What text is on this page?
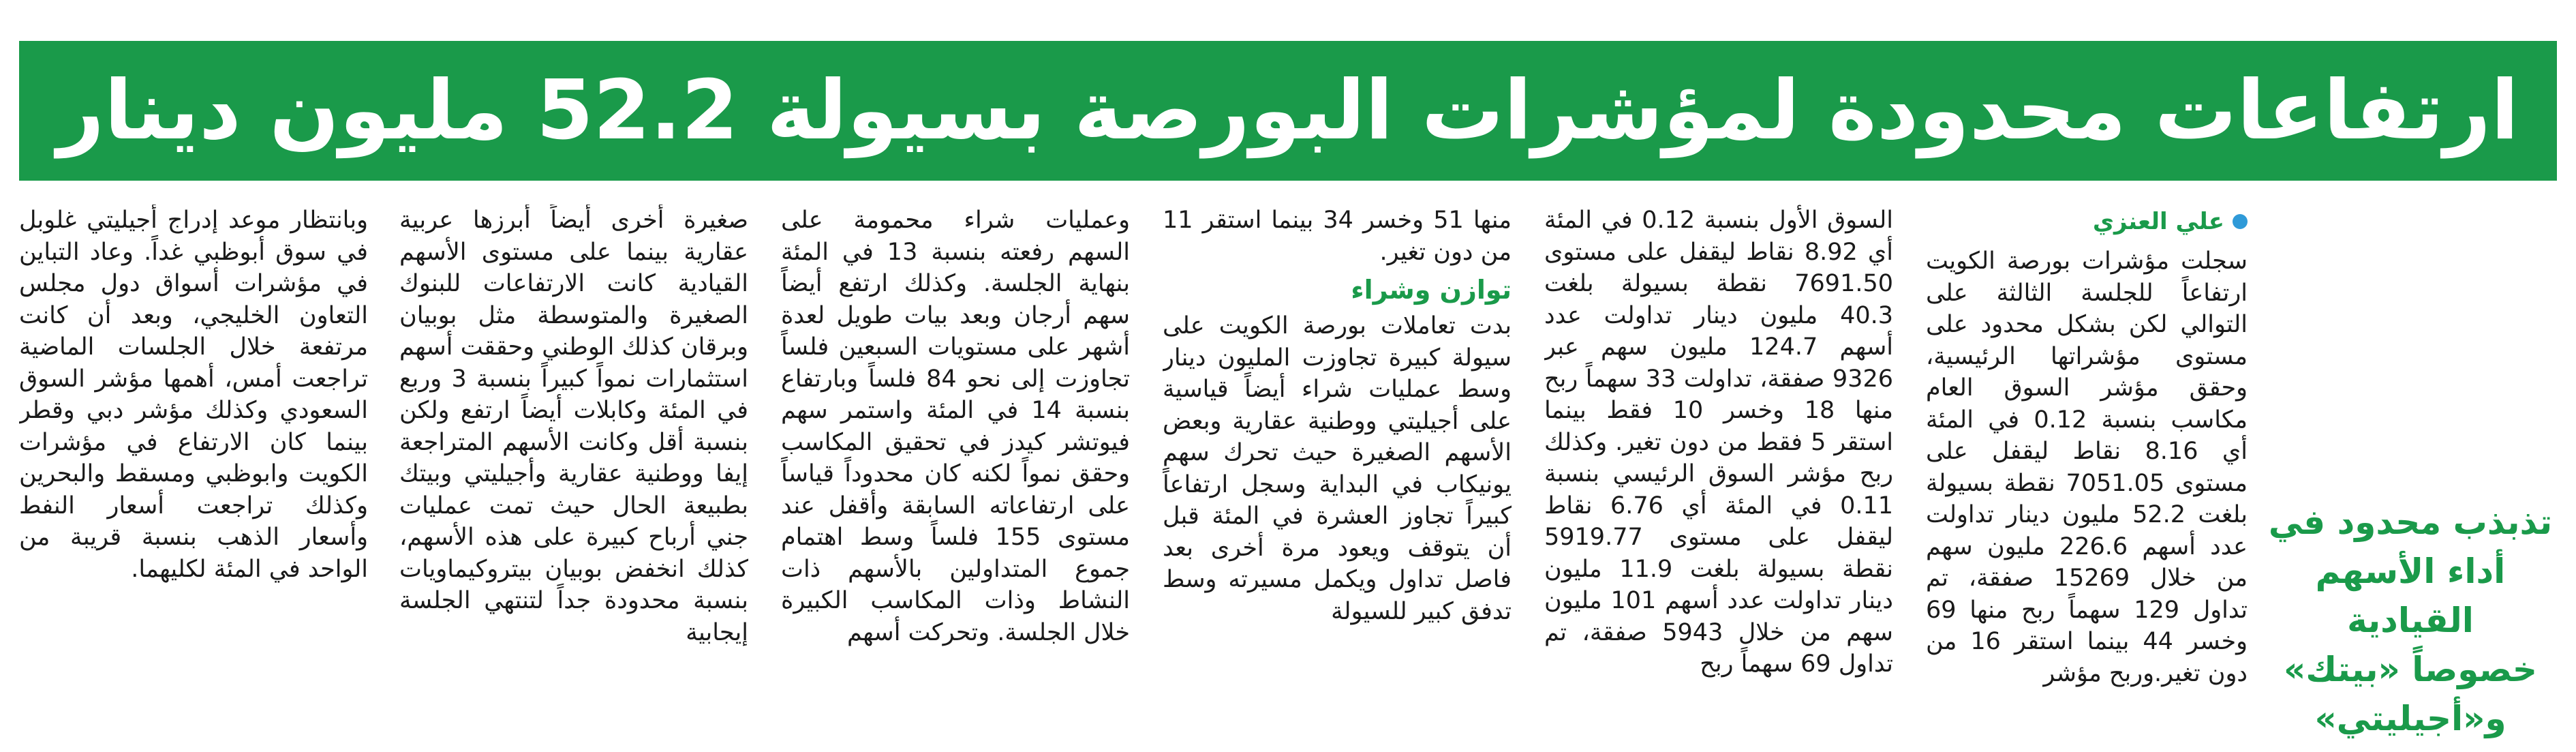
ارتفاعات محدودة لمؤشرات البورصة بسيولة 52.2 مليون دينار
علي العنزي

سجلت مؤشرات بورصة الكويت ارتفاعاً للجلسة الثالثة على التوالي لكن بشكل محدود على مستوى مؤشراتها الرئيسية، وحقق مؤشر السوق العام مكاسب بنسبة 0.12 في المئة أي 8.16 نقاط ليقفل على مستوى 7051.05 نقطة بسيولة بلغت 52.2 مليون دينار تداولت عدد أسهم 226.6 مليون سهم من خلال 15269 صفقة، تم تداول 129 سهماً ربح منها 69 وخسر 44 بينما استقر 16 من دون تغير.وربح مؤشر

تذبذب محدود في
أداء الأسهم القيادية
خصوصاً «بيتك»
و«أجيليتي»

السوق الأول بنسبة 0.12 في المئة أي 8.92 نقاط ليقفل على مستوى 7691.50 نقطة بسيولة بلغت 40.3 مليون دينار تداولت عدد أسهم 124.7 مليون سهم عبر 9326 صفقة، تداولت 33 سهماً ربح منها 18 وخسر 10 فقط بينما استقر 5 فقط من دون تغير. وكذلك ربح مؤشر السوق الرئيسي بنسبة 0.11 في المئة أي 6.76 نقاط ليقفل على مستوى 5919.77 نقطة بسيولة بلغت 11.9 مليون دينار تداولت عدد أسهم 101 مليون سهم من خلال 5943 صفقة، تم تداول 69 سهماً ربح

منها 51 وخسر 34 بينما استقر 11 من دون تغير.

توازن وشراء

بدت تعاملات بورصة الكويت على سيولة كبيرة تجاوزت المليون دينار وسط عمليات شراء أيضاً قياسية على أجيليتي ووطنية عقارية وبعض الأسهم الصغيرة حيث تحرك سهم يونيكاب في البداية وسجل ارتفاعاً كبيراً تجاوز العشرة في المئة قبل أن يتوقف ويعود مرة أخرى بعد فاصل تداول ويكمل مسيرته وسط تدفق كبير للسيولة

وعمليات شراء محمومة على السهم رفعته بنسبة 13 في المئة بنهاية الجلسة. وكذلك ارتفع أيضاً سهم أرجان وبعد بيات طويل لعدة أشهر على مستويات السبعين فلساً تجاوزت إلى نحو 84 فلساً وبارتفاع بنسبة 14 في المئة واستمر سهم فيوتشر كيدز في تحقيق المكاسب وحقق نمواً لكنه كان محدوداً قياساً على ارتفاعاته السابقة وأقفل عند مستوى 155 فلساً وسط اهتمام جموع المتداولين بالأسهم ذات النشاط وذات المكاسب الكبيرة خلال الجلسة. وتحركت أسهم

صغيرة أخرى أيضاً أبرزها عربية عقارية بينما على مستوى الأسهم القيادية كانت الارتفاعات للبنوك الصغيرة والمتوسطة مثل بوبيان وبرقان كذلك الوطني وحققت أسهم استثمارات نمواً كبيراً بنسبة 3 وربع في المئة وكابلات أيضاً ارتفع ولكن بنسبة أقل وكانت الأسهم المتراجعة إيفا ووطنية عقارية وأجيليتي وبيتك بطبيعة الحال حيث تمت عمليات جني أرباح كبيرة على هذه الأسهم، كذلك انخفض بوبيان بيتروكيماويات بنسبة محدودة جداً لتنتهي الجلسة إيجابية

وبانتظار موعد إدراج أجيليتي غلوبل في سوق أبوظبي غداً. وعاد التباين في مؤشرات أسواق دول مجلس التعاون الخليجي، وبعد أن كانت مرتفعة خلال الجلسات الماضية تراجعت أمس، أهمها مؤشر السوق السعودي وكذلك مؤشر دبي وقطر بينما كان الارتفاع في مؤشرات الكويت وابوظبي ومسقط والبحرين وكذلك تراجعت أسعار النفط وأسعار الذهب بنسبة قريبة من الواحد في المئة لكليهما.
